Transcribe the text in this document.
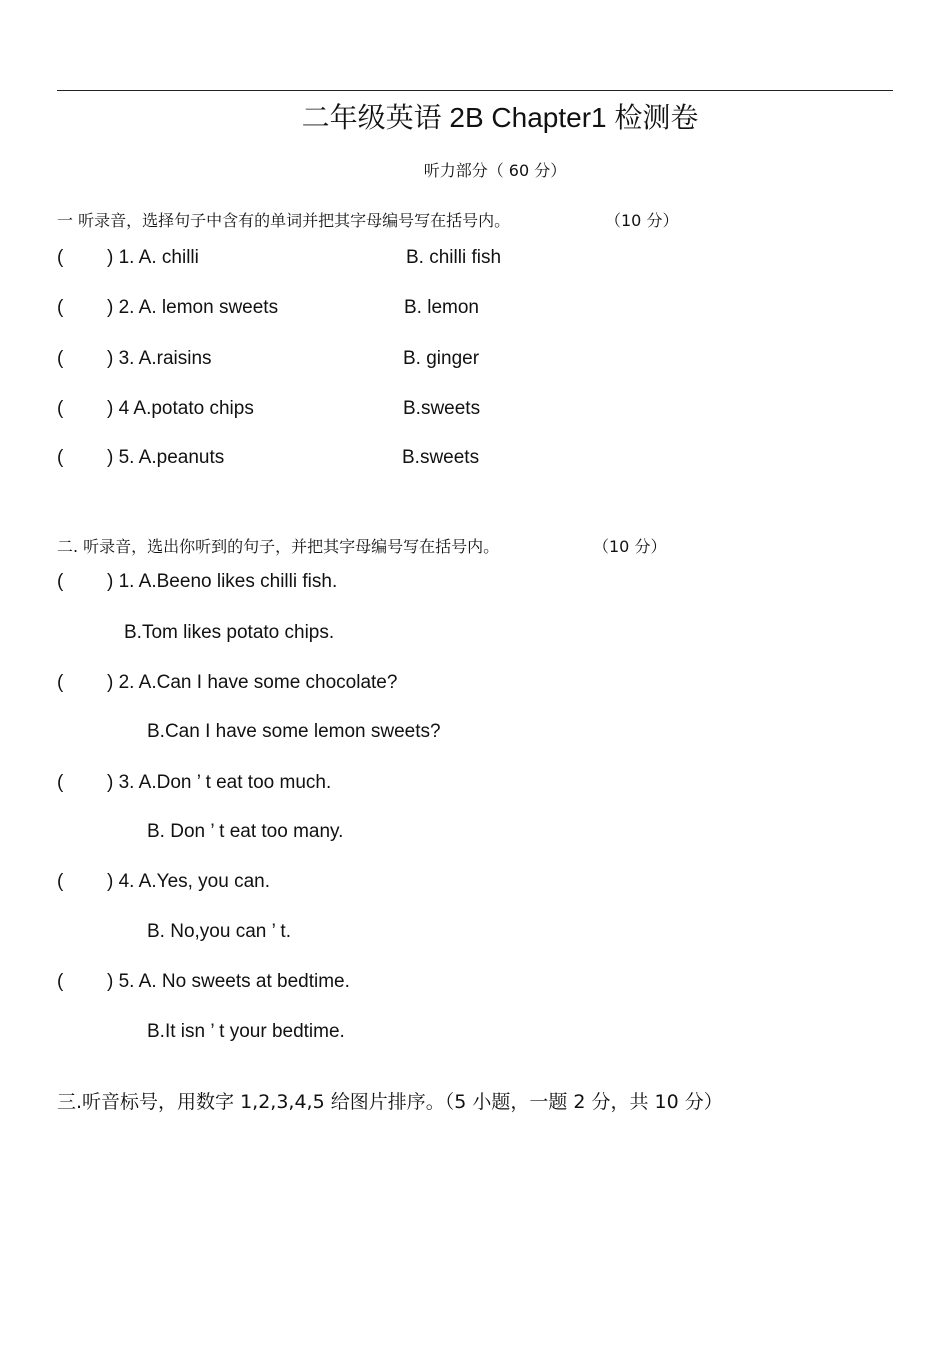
二年级英语 2B Chapter1 检测卷
听力部分（ 60 分）
一 听录音，选择句子中含有的单词并把其字母编号写在括号内。	（10 分）
( ) 1. A. chilli	B. chilli fish
( ) 2. A. lemon sweets	B. lemon
( ) 3. A.raisins	B. ginger
( ) 4 A.potato chips	B.sweets
( ) 5. A.peanuts	B.sweets
二. 听录音，选出你听到的句子，并把其字母编号写在括号内。	（10 分）
( ) 1. A.Beeno likes chilli fish.
B.Tom likes potato chips.
( ) 2. A.Can I have some chocolate?
B.Can I have some lemon sweets?
( ) 3. A.Don ’ t eat too much.
B. Don ’ t eat too many.
( ) 4. A.Yes, you can.
B. No,you can ’ t.
( ) 5. A. No sweets at bedtime.
B.It isn ’ t your bedtime.
三.听音标号，用数字 1,2,3,4,5 给图片排序。（5 小题，一题 2 分，共 10 分）
